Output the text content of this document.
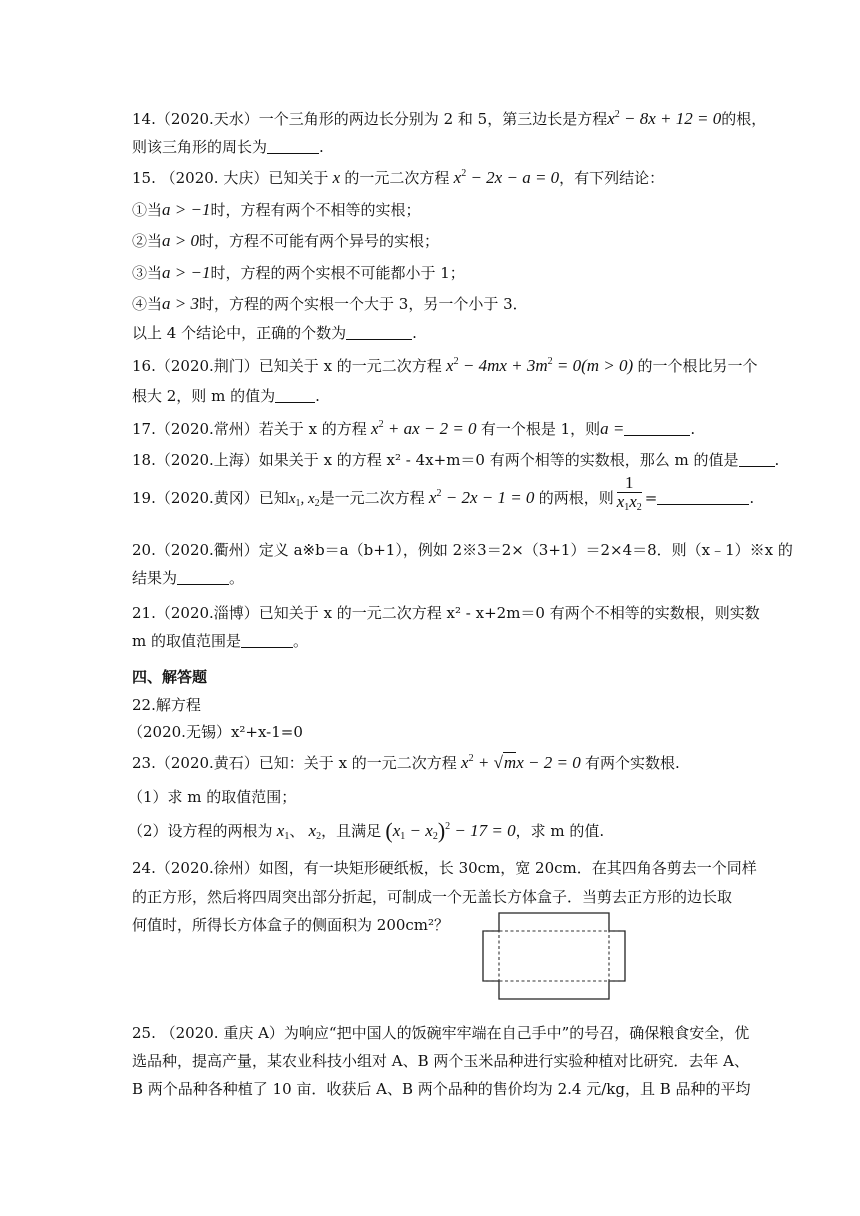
14.（2020.天水）一个三角形的两边长分别为 2 和 5，第三边长是方程$x^2 - 8x + 12 = 0$的根，
则该三角形的周长为	.
15. （2020. 大庆）已知关于 x 的一元二次方程 $x^2 - 2x - a = 0$，有下列结论：
①当a > −1时，方程有两个不相等的实根；
②当a > 0时，方程不可能有两个异号的实根；
③当a > −1时，方程的两个实根不可能都小于 1；
④当a > 3时，方程的两个实根一个大于 3，另一个小于 3．
以上 4 个结论中，正确的个数为	.
16.（2020.荆门）已知关于 x 的一元二次方程 $x^2 - 4mx + 3m^2 = 0(m > 0)$ 的一个根比另一个
根大 2，则 m 的值为	.
17.（2020.常州）若关于 x 的方程 $x^2$ + ax − 2 = 0 有一个根是 1，则a =	.
18.（2020.上海）如果关于 x 的方程 x² - 4x+m＝0 有两个相等的实数根，那么 m 的值是 .
19.（2020.黄冈）已知$x_1$, $x_2$是一元二次方程 $x^2 - 2x - 1 = 0$ 的两根，则 $\frac{1}{x_1x_2}$ =	.
20.（2020.衢州）定义 a※b＝a（b+1），例如 2※3＝2×（3+1）＝2×4＝8．则（x﹣1）※x 的
结果为	。
21.（2020.淄博）已知关于 x 的一元二次方程 x² - x+2m＝0 有两个不相等的实数根，则实数
m 的取值范围是	。
四、解答题
22.解方程
（2020.无锡）x²+x-1=0
23.（2020.黄石）已知：关于 x 的一元二次方程 $x^2 + √mx - 2 = 0$ 有两个实数根.
（1）求 m 的取值范围；
（2）设方程的两根为 $x_1$、 $x_2$，且满足 $(x_1 - x_2)^2 - 17 = 0$，求 m 的值.
24.（2020.徐州）如图，有一块矩形硬纸板，长 30cm，宽 20cm．在其四角各剪去一个同样
的正方形，然后将四周突出部分折起，可制成一个无盖长方体盒子．当剪去正方形的边长取
何值时，所得长方体盒子的侧面积为 200cm²？
25. （2020. 重庆 A）为响应“把中国人的饭碗牢牢端在自己手中”的号召，确保粮食安全，优
选品种，提高产量，某农业科技小组对 A、B 两个玉米品种进行实验种植对比研究．去年 A、
B 两个品种各种植了 10 亩．收获后 A、B 两个品种的售价均为 2.4 元/kg，且 B 品种的平均
